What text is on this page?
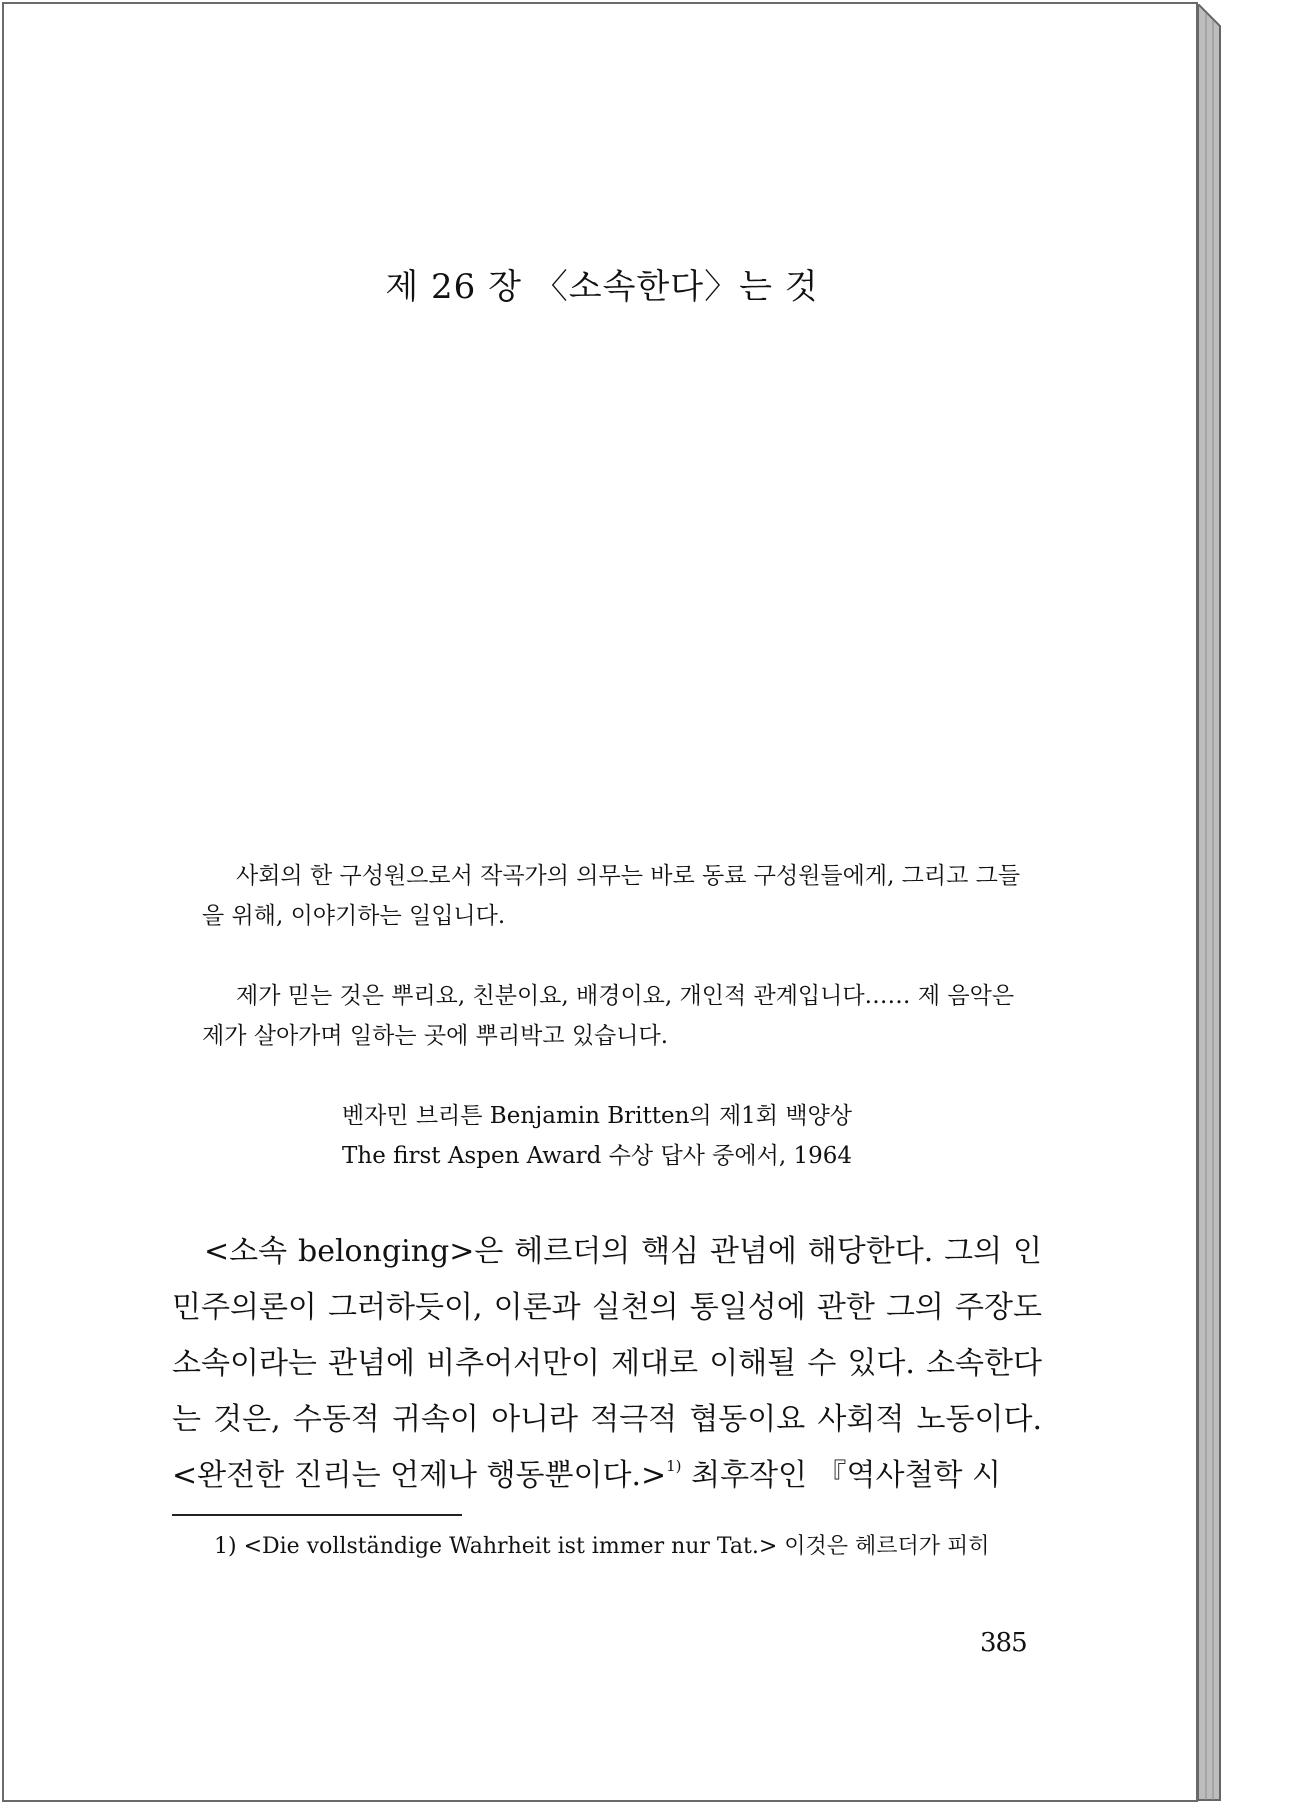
제 26 장 〈소속한다〉는 것

사회의 한 구성원으로서 작곡가의 의무는 바로 동료 구성원들에게, 그리고 그들을 위해, 이야기하는 일입니다.

제가 믿는 것은 뿌리요, 친분이요, 배경이요, 개인적 관계입니다…… 제 음악은 제가 살아가며 일하는 곳에 뿌리박고 있습니다.

벤자민 브리튼 Benjamin Britten의 제1회 백양상
The first Aspen Award 수상 답사 중에서, 1964

<소속 belonging>은 헤르더의 핵심 관념에 해당한다. 그의 인민주의론이 그러하듯이, 이론과 실천의 통일성에 관한 그의 주장도 소속이라는 관념에 비추어서만이 제대로 이해될 수 있다. 소속한다는 것은, 수동적 귀속이 아니라 적극적 협동이요 사회적 노동이다. <완전한 진리는 언제나 행동뿐이다.>$^{1)}$ 최후작인 『역사철학 시

1) <Die vollständige Wahrheit ist immer nur Tat.> 이것은 헤르더가 피히
385
